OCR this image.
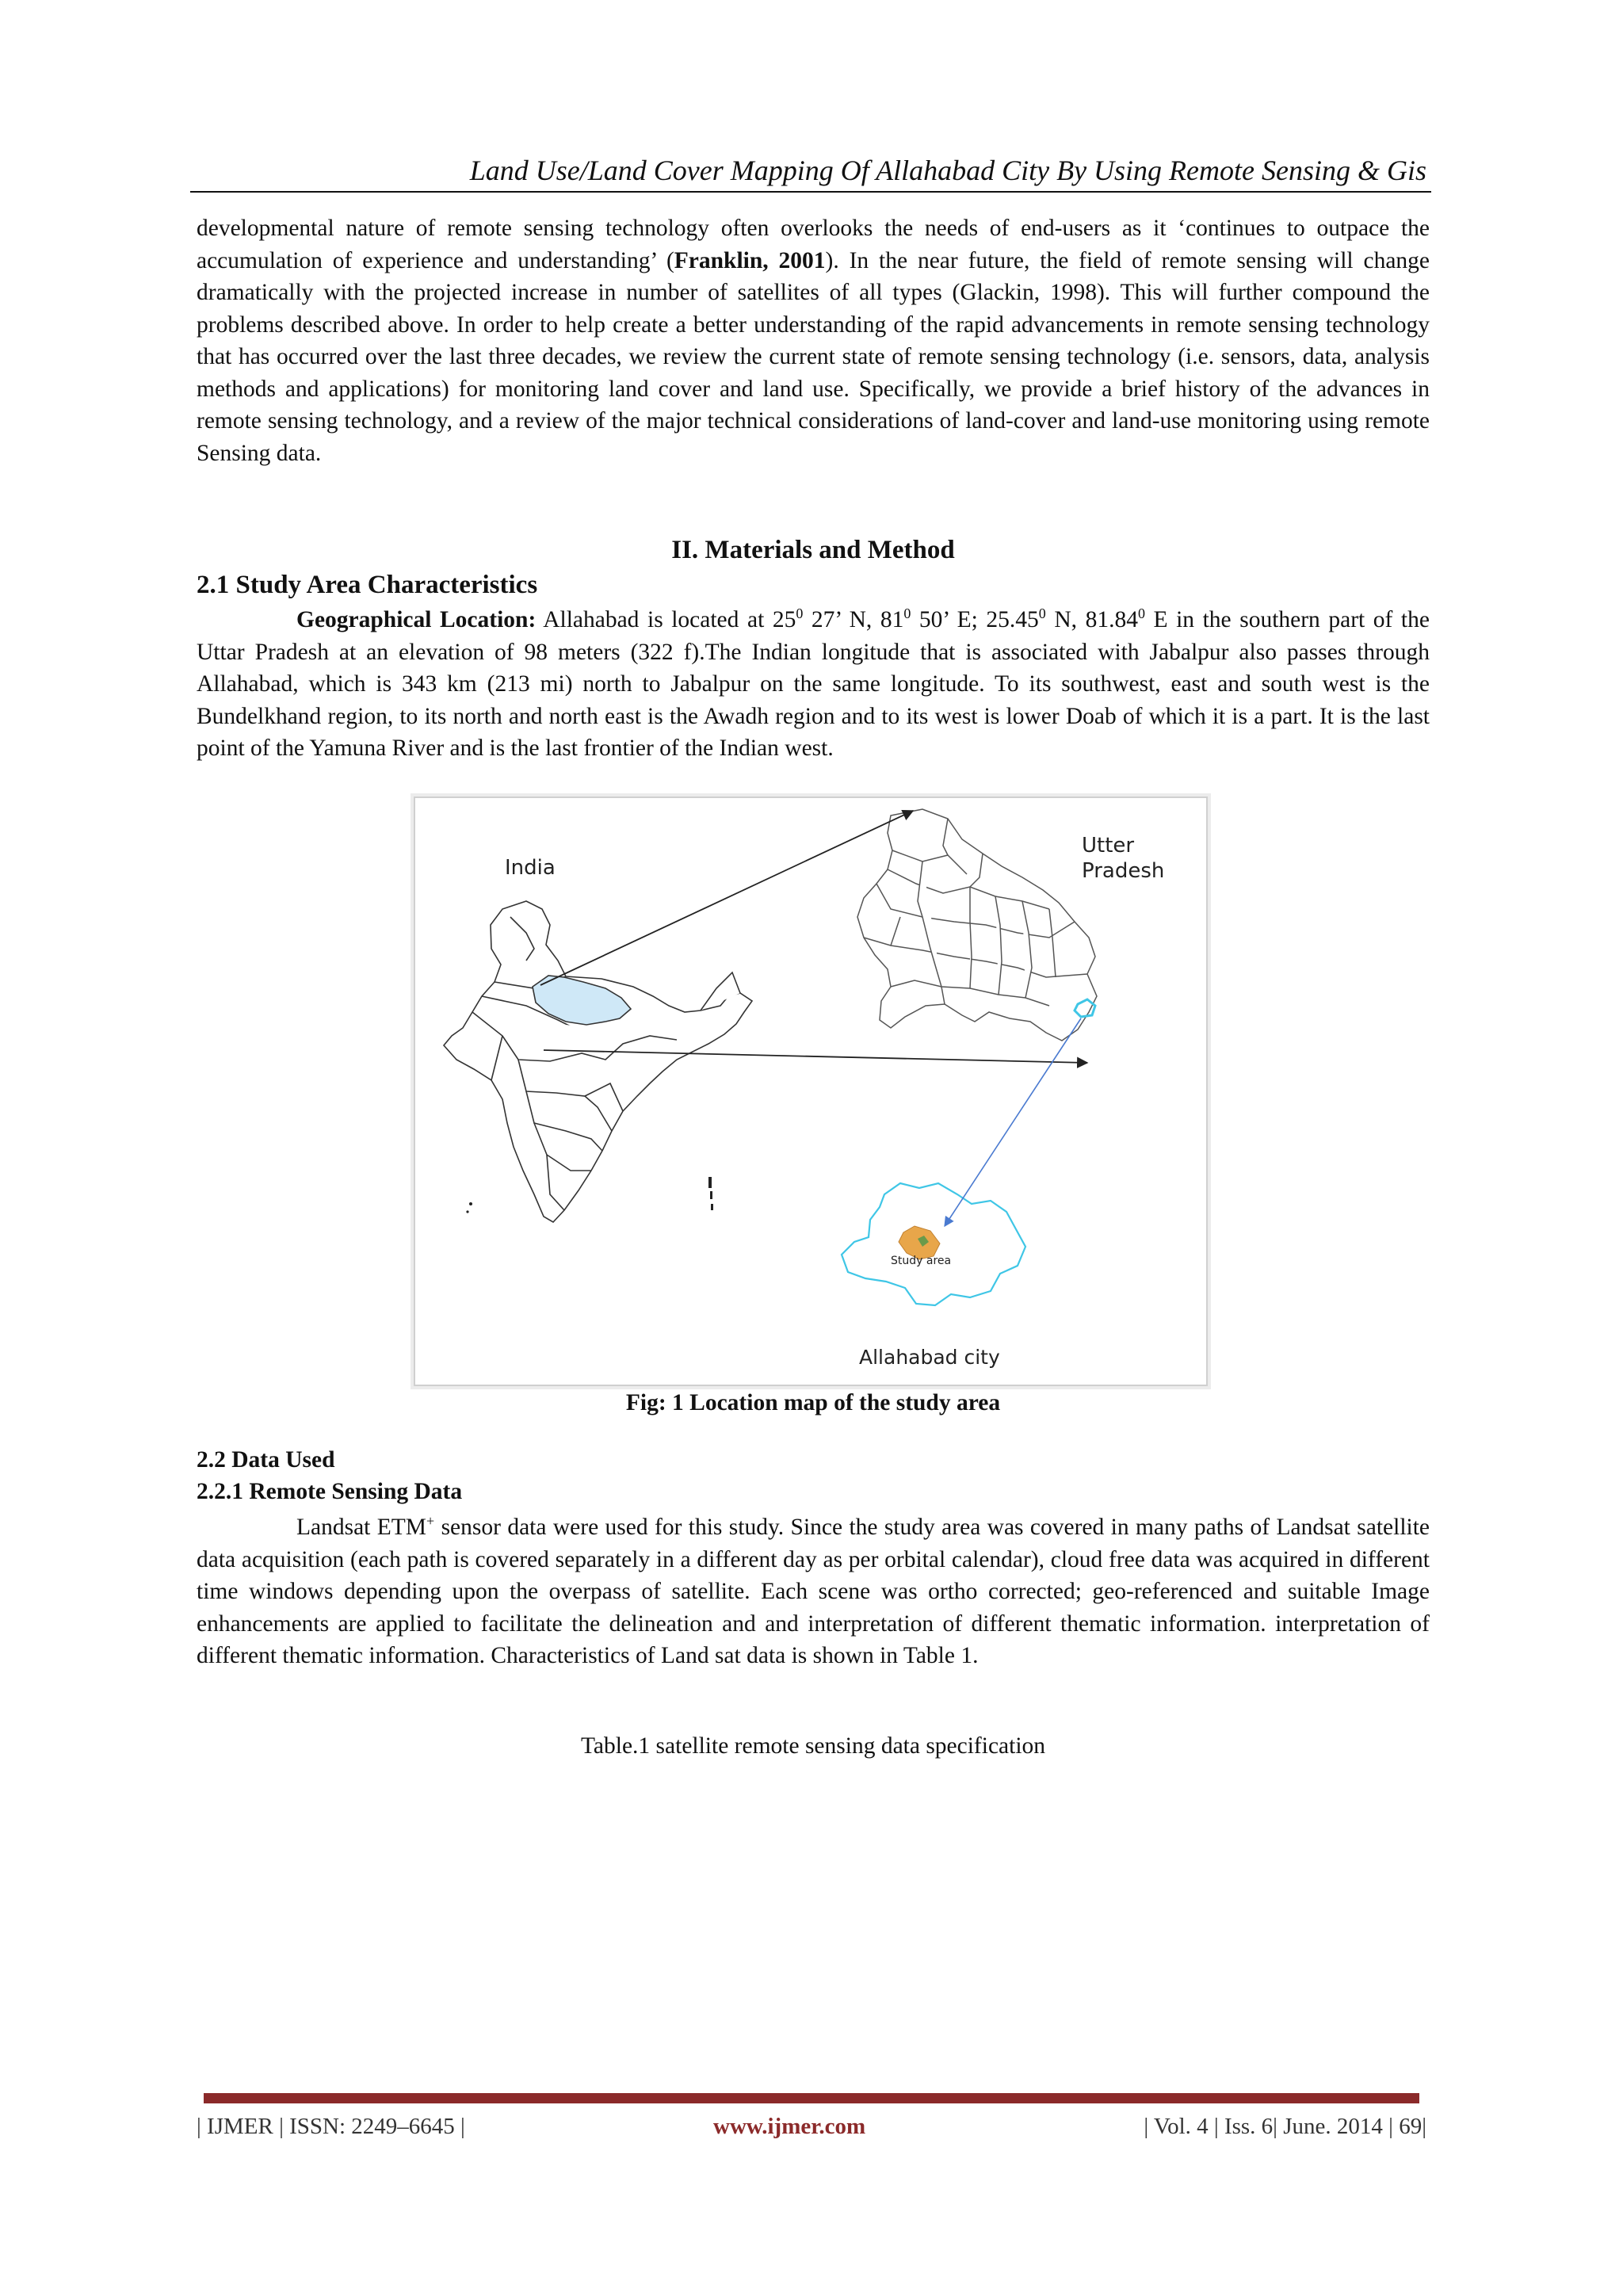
Land Use/Land Cover Mapping Of Allahabad City By Using Remote Sensing & Gis
developmental nature of remote sensing technology often overlooks the needs of end-users as it ‘continues to outpace the accumulation of experience and understanding’ (Franklin, 2001). In the near future, the field of remote sensing will change dramatically with the projected increase in number of satellites of all types (Glackin, 1998). This will further compound the problems described above. In order to help create a better understanding of the rapid advancements in remote sensing technology that has occurred over the last three decades, we review the current state of remote sensing technology (i.e. sensors, data, analysis methods and applications) for monitoring land cover and land use. Specifically, we provide a brief history of the advances in remote sensing technology, and a review of the major technical considerations of land-cover and land-use monitoring using remote Sensing data.
II. Materials and Method
2.1 Study Area Characteristics
Geographical Location: Allahabad is located at $25^0$ 27’ N, $81^0$ 50’ E; 25.45$^0$ N, 81.84$^0$ E in the southern part of the Uttar Pradesh at an elevation of 98 meters (322 f).The Indian longitude that is associated with Jabalpur also passes through Allahabad, which is 343 km (213 mi) north to Jabalpur on the same longitude. To its southwest, east and south west is the Bundelkhand region, to its north and north east is the Awadh region and to its west is lower Doab of which it is a part. It is the last point of the Yamuna River and is the last frontier of the Indian west.
India
Utter
Pradesh
Study area
Allahabad city
Fig: 1 Location map of the study area
2.2 Data Used
2.2.1 Remote Sensing Data
Landsat ETM+ sensor data were used for this study. Since the study area was covered in many paths of Landsat satellite data acquisition (each path is covered separately in a different day as per orbital calendar), cloud free data was acquired in different time windows depending upon the overpass of satellite. Each scene was ortho corrected; geo-referenced and suitable Image enhancements are applied to facilitate the delineation and and interpretation of different thematic information. interpretation of different thematic information. Characteristics of Land sat data is shown in Table 1.
Table.1 satellite remote sensing data specification
| IJMER | ISSN: 2249–6645 |	www.ijmer.com	| Vol. 4 | Iss. 6| June. 2014 | 69|
